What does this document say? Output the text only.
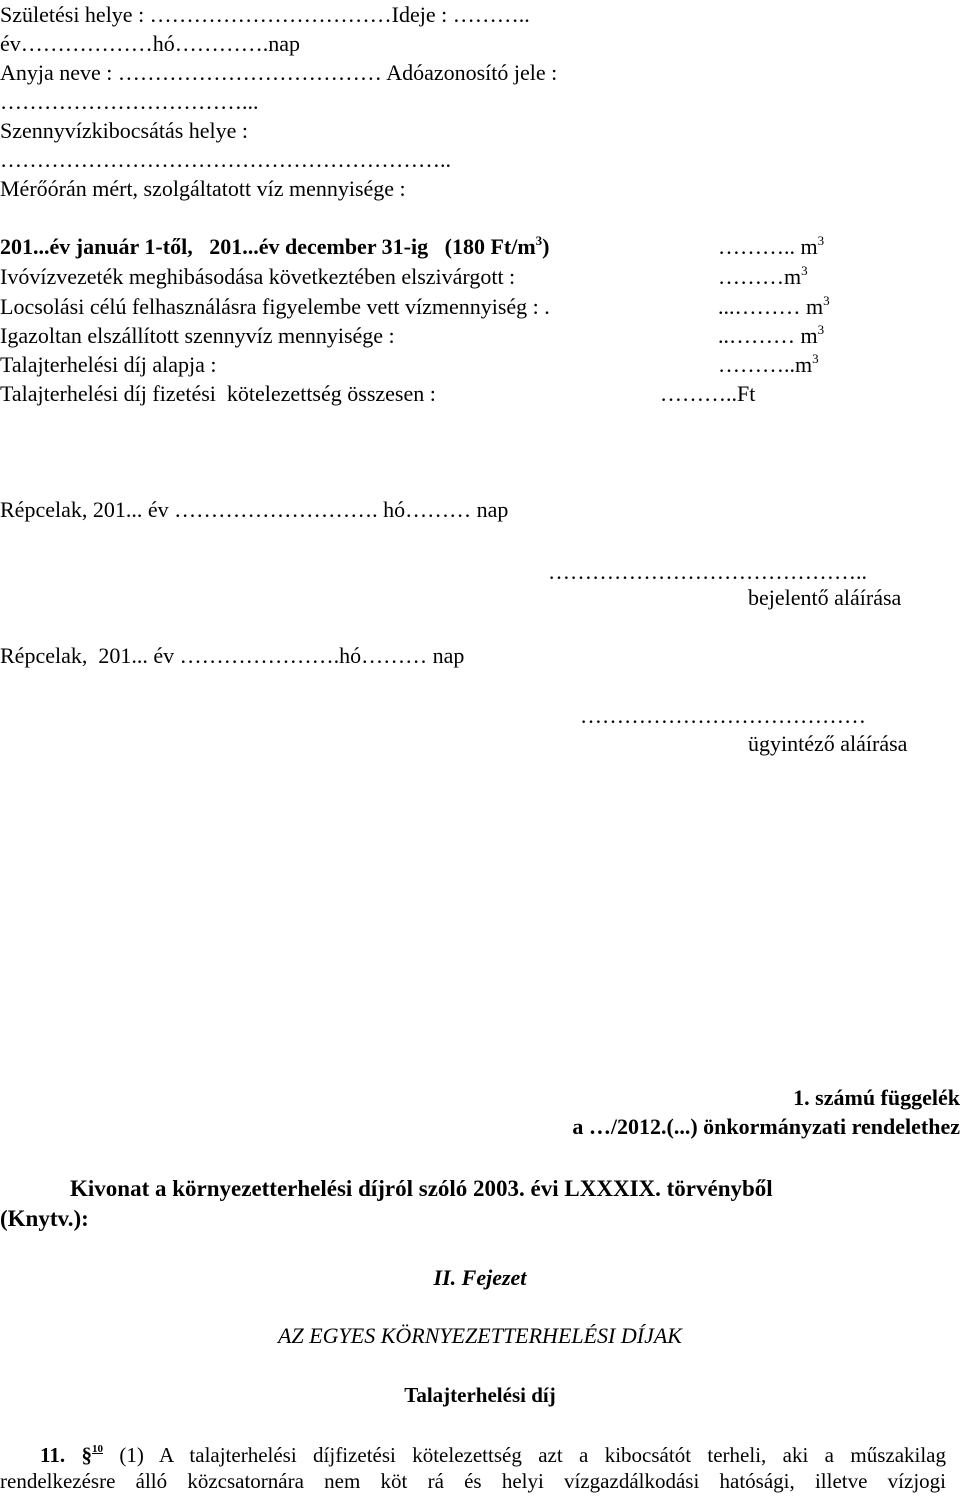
Születési helye : ……………………………Ideje : ………..
év………………hó………….nap
Anyja neve : ……………………………… Adóazonosító jele :
……………………………...
Szennyvízkibocsátás helye :
……………………………………………………..
Mérőórán mért, szolgáltatott víz mennyisége :
201...év január 1-től,   201...év december 31-ig   (180 $Ft/m^3$)	……….. $m^3$
Ivóvízvezeték meghibásodása következtében elszivárgott :	$\dots\dots\dots m^3$
Locsolási célú felhasználásra figyelembe vett vízmennyiség : .	...……… $m^3$
Igazoltan elszállított szennyvíz mennyisége :	..……… $m^3$
Talajterhelési díj alapja :	$\dots\dots\dots..m^3$
Talajterhelési díj fizetési  kötelezettség összesen :	………..Ft
Répcelak, 201... év ………………………. hó……… nap
……………………………………..
bejelentő aláírása
Répcelak,  201... év ………………….hó……… nap
…………………………………
ügyintéző aláírása
1. számú függelék
a …/2012.(...) önkormányzati rendelethez
Kivonat a környezetterhelési díjról szóló 2003. évi LXXXIX. törvényből
(Knytv.):
II. Fejezet
AZ EGYES KÖRNYEZETTERHELÉSI DÍJAK
Talajterhelési díj
11. §$^{10}$ (1) A talajterhelési díjfizetési kötelezettség azt a kibocsátót terheli, aki a műszakilag
rendelkezésre álló közcsatornára nem köt rá és helyi vízgazdálkodási hatósági, illetve vízjogi
